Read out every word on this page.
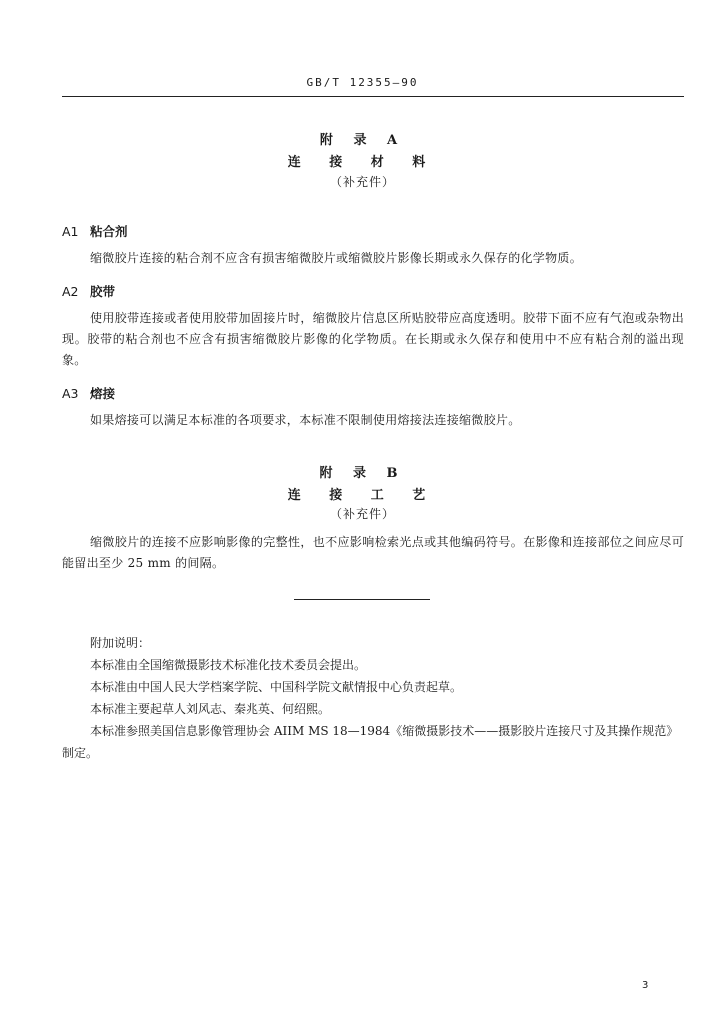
GB/T 12355—90
附 录 A
连 接 材 料
（补充件）
A1 粘合剂
缩微胶片连接的粘合剂不应含有损害缩微胶片或缩微胶片影像长期或永久保存的化学物质。
A2 胶带
使用胶带连接或者使用胶带加固接片时，缩微胶片信息区所贴胶带应高度透明。胶带下面不应有气泡或杂物出现。胶带的粘合剂也不应含有损害缩微胶片影像的化学物质。在长期或永久保存和使用中不应有粘合剂的溢出现象。
A3 熔接
如果熔接可以满足本标准的各项要求，本标准不限制使用熔接法连接缩微胶片。
附 录 B
连 接 工 艺
（补充件）
缩微胶片的连接不应影响影像的完整性，也不应影响检索光点或其他编码符号。在影像和连接部位之间应尽可能留出至少 25 mm 的间隔。
附加说明：
本标准由全国缩微摄影技术标准化技术委员会提出。
本标准由中国人民大学档案学院、中国科学院文献情报中心负责起草。
本标准主要起草人刘风志、秦兆英、何绍熙。
本标准参照美国信息影像管理协会 AIIM MS 18—1984《缩微摄影技术——摄影胶片连接尺寸及其操作规范》制定。
3
